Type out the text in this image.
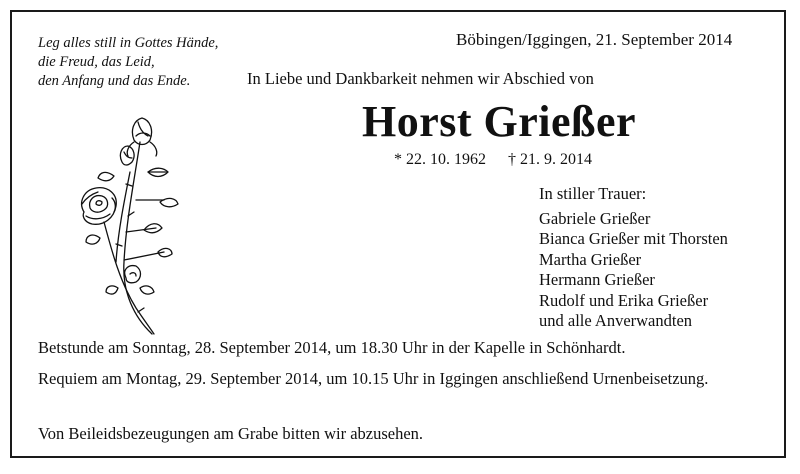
Leg alles still in Gottes Hände,
die Freud, das Leid,
den Anfang und das Ende.
Böbingen/Iggingen, 21. September 2014
In Liebe und Dankbarkeit nehmen wir Abschied von
Horst Grießer
* 22. 10. 1962 † 21. 9. 2014
In stiller Trauer:
Gabriele Grießer
Bianca Grießer mit Thorsten
Martha Grießer
Hermann Grießer
Rudolf und Erika Grießer
und alle Anverwandten
Betstunde am Sonntag, 28. September 2014, um 18.30 Uhr in der Kapelle in Schönhardt.
Requiem am Montag, 29. September 2014, um 10.15 Uhr in Iggingen anschließend Urnenbeisetzung.
Von Beileidsbezeugungen am Grabe bitten wir abzusehen.
